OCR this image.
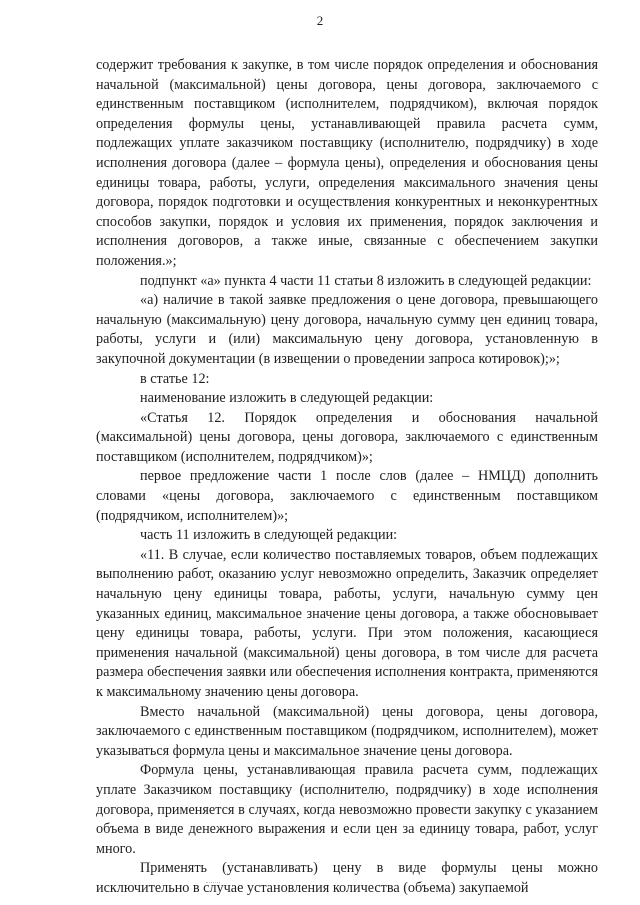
2

содержит требования к закупке, в том числе порядок определения и обоснования начальной (максимальной) цены договора, цены договора, заключаемого с единственным поставщиком (исполнителем, подрядчиком), включая порядок определения формулы цены, устанавливающей правила расчета сумм, подлежащих уплате заказчиком поставщику (исполнителю, подрядчику) в ходе исполнения договора (далее – формула цены), определения и обоснования цены единицы товара, работы, услуги, определения максимального значения цены договора, порядок подготовки и осуществления конкурентных и неконкурентных способов закупки, порядок и условия их применения, порядок заключения и исполнения договоров, а также иные, связанные с обеспечением закупки положения.»;

подпункт «а» пункта 4 части 11 статьи 8 изложить в следующей редакции:

«а) наличие в такой заявке предложения о цене договора, превышающего начальную (максимальную) цену договора, начальную сумму цен единиц товара, работы, услуги и (или) максимальную цену договора, установленную в закупочной документации (в извещении о проведении запроса котировок);»;

в статье 12:

наименование изложить в следующей редакции:

«Статья 12. Порядок определения и обоснования начальной (максимальной) цены договора, цены договора, заключаемого с единственным поставщиком (исполнителем, подрядчиком)»;

первое предложение части 1 после слов (далее – НМЦД) дополнить словами «цены договора, заключаемого с единственным поставщиком (подрядчиком, исполнителем)»;

часть 11 изложить в следующей редакции:

«11. В случае, если количество поставляемых товаров, объем подлежащих выполнению работ, оказанию услуг невозможно определить, Заказчик определяет начальную цену единицы товара, работы, услуги, начальную сумму цен указанных единиц, максимальное значение цены договора, а также обосновывает цену единицы товара, работы, услуги. При этом положения, касающиеся применения начальной (максимальной) цены договора, в том числе для расчета размера обеспечения заявки или обеспечения исполнения контракта, применяются к максимальному значению цены договора.

Вместо начальной (максимальной) цены договора, цены договора, заключаемого с единственным поставщиком (подрядчиком, исполнителем), может указываться формула цены и максимальное значение цены договора.

Формула цены, устанавливающая правила расчета сумм, подлежащих уплате Заказчиком поставщику (исполнителю, подрядчику) в ходе исполнения договора, применяется в случаях, когда невозможно провести закупку с указанием объема в виде денежного выражения и если цен за единицу товара, работ, услуг много.

Применять (устанавливать) цену в виде формулы цены можно исключительно в случае установления количества (объема) закупаемой
